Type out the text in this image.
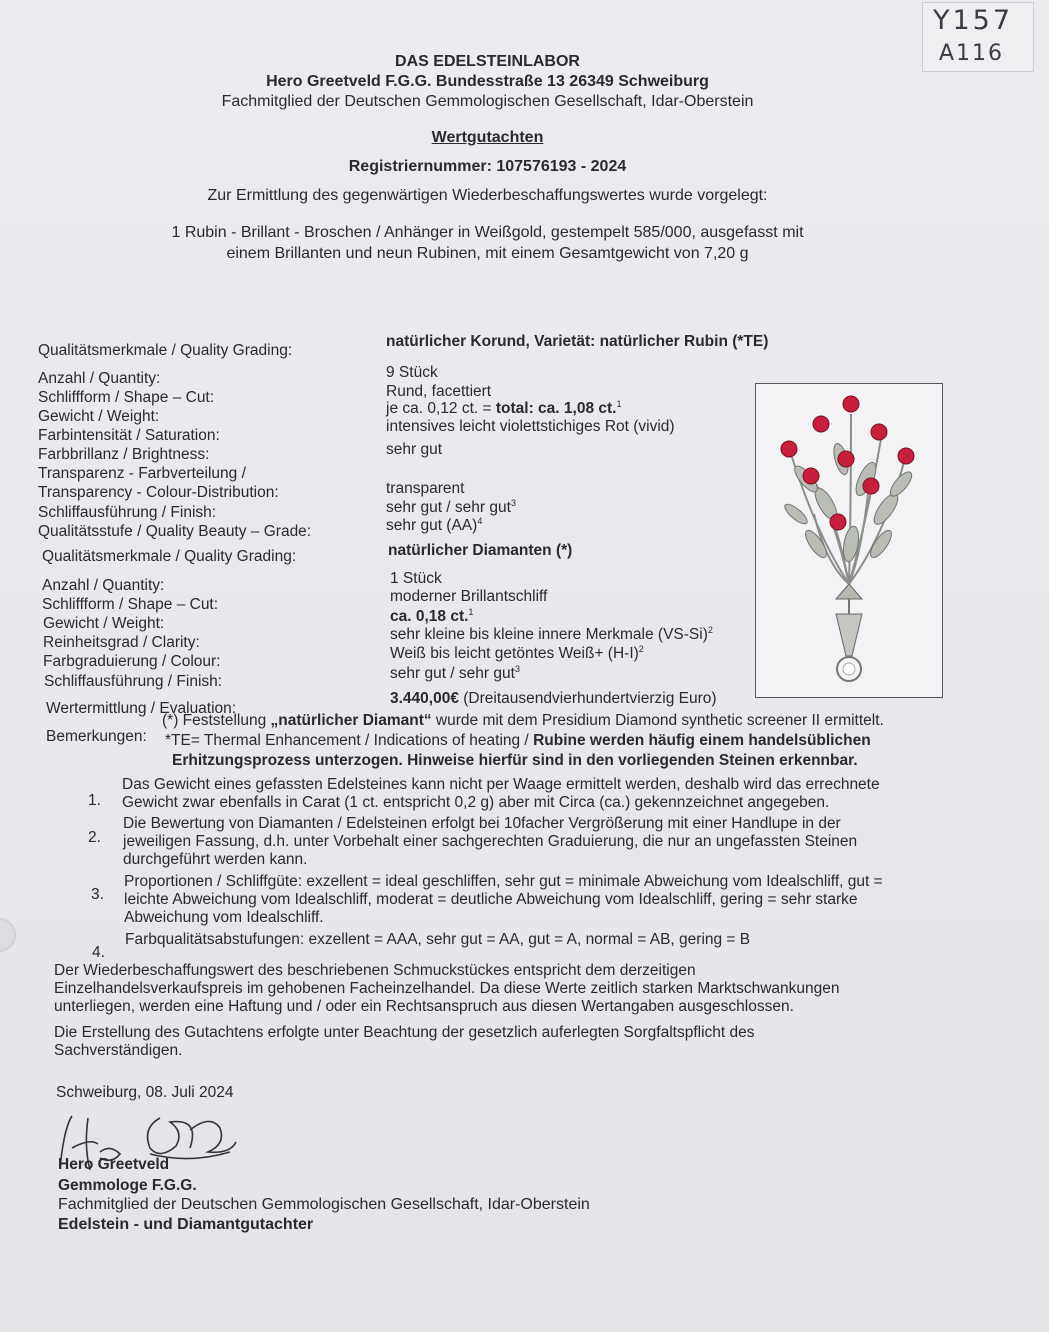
Y157
A116
DAS EDELSTEINLABOR
Hero Greetveld F.G.G. Bundesstraße 13 26349 Schweiburg
Fachmitglied der Deutschen Gemmologischen Gesellschaft, Idar-Oberstein
Wertgutachten
Registriernummer: 107576193 - 2024
Zur Ermittlung des gegenwärtigen Wiederbeschaffungswertes wurde vorgelegt:
1 Rubin - Brillant - Broschen / Anhänger in Weißgold, gestempelt 585/000, ausgefasst mit
einem Brillanten und neun Rubinen, mit einem Gesamtgewicht von 7,20 g
Qualitätsmerkmale / Quality Grading:
natürlicher Korund, Varietät: natürlicher Rubin (*TE)
Anzahl / Quantity:	9 Stück
Schliffform / Shape – Cut:	Rund, facettiert
Gewicht / Weight:	je ca. 0,12 ct. = total: ca. 1,08 ct.$^1$
Farbintensität / Saturation:
intensives leicht violettstichiges Rot (vivid)
Farbbrillanz / Brightness:	sehr gut
Transparenz - Farbverteilung /
Transparency - Colour-Distribution:	transparent
Schliffausführung / Finish:	sehr gut / sehr gut$^3$
Qualitätsstufe / Quality Beauty – Grade:	sehr gut (AA)$^4$
Qualitätsmerkmale / Quality Grading:	natürlicher Diamanten (*)
Anzahl / Quantity:	1 Stück
Schliffform / Shape – Cut:	moderner Brillantschliff
Gewicht / Weight:	ca. 0,18 ct.$^1$
Reinheitsgrad / Clarity:	sehr kleine bis kleine innere Merkmale $(VS-Si)^2$
Farbgraduierung / Colour:	Weiß bis leicht getöntes Weiß+ $(H-I)^2$
Schliffausführung / Finish:	sehr gut / sehr gut$^3$
Wertermittlung / Evaluation:
3.440,00€ (Dreitausendvierhundertvierzig Euro)
Bemerkungen:
(*) Feststellung „natürlicher Diamant“ wurde mit dem Presidium Diamond synthetic screener II ermittelt.
*TE= Thermal Enhancement / Indications of heating / Rubine werden häufig einem handelsüblichen
Erhitzungsprozess unterzogen. Hinweise hierfür sind in den vorliegenden Steinen erkennbar.
1.
Das Gewicht eines gefassten Edelsteines kann nicht per Waage ermittelt werden, deshalb wird das errechnete
Gewicht zwar ebenfalls in Carat (1 ct. entspricht 0,2 g) aber mit Circa (ca.) gekennzeichnet angegeben.
2.
Die Bewertung von Diamanten / Edelsteinen erfolgt bei 10facher Vergrößerung mit einer Handlupe in der
jeweiligen Fassung, d.h. unter Vorbehalt einer sachgerechten Graduierung, die nur an ungefassten Steinen
durchgeführt werden kann.
3.
Proportionen / Schliffgüte: exzellent = ideal geschliffen, sehr gut = minimale Abweichung vom Idealschliff, gut =
leichte Abweichung vom Idealschliff, moderat = deutliche Abweichung vom Idealschliff, gering = sehr starke
Abweichung vom Idealschliff.
4.
Farbqualitätsabstufungen: exzellent = AAA, sehr gut = AA, gut = A, normal = AB, gering = B
Der Wiederbeschaffungswert des beschriebenen Schmuckstückes entspricht dem derzeitigen
Einzelhandelsverkaufspreis im gehobenen Facheinzelhandel. Da diese Werte zeitlich starken Marktschwankungen
unterliegen, werden eine Haftung und / oder ein Rechtsanspruch aus diesen Wertangaben ausgeschlossen.
Die Erstellung des Gutachtens erfolgte unter Beachtung der gesetzlich auferlegten Sorgfaltspflicht des
Sachverständigen.
Schweiburg, 08. Juli 2024
Hero Greetveld
Gemmologe F.G.G.
Fachmitglied der Deutschen Gemmologischen Gesellschaft, Idar-Oberstein
Edelstein - und Diamantgutachter
